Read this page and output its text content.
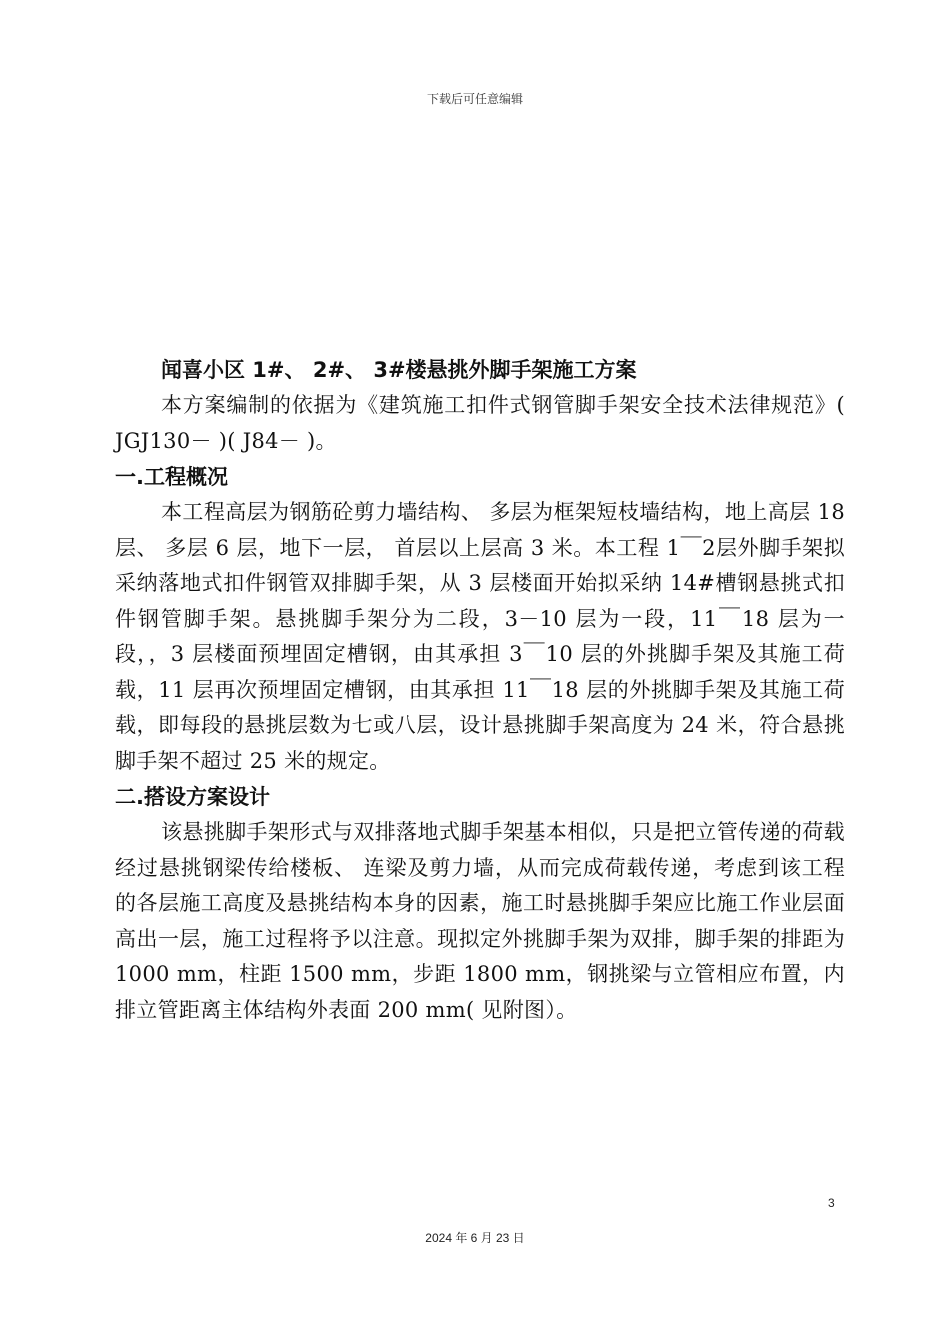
下载后可任意编辑
闻喜小区 1#、 2#、 3#楼悬挑外脚手架施工方案

本方案编制的依据为《建筑施工扣件式钢管脚手架安全技术法律规范》( JGJ130－ )( J84－ )。

一.工程概况

本工程高层为钢筋砼剪力墙结构、 多层为框架短枝墙结构，地上高层 18 层、 多层 6 层，地下一层， 首层以上层高 3 米。本工程 1￣2层外脚手架拟采纳落地式扣件钢管双排脚手架，从 3 层楼面开始拟采纳 14#槽钢悬挑式扣件钢管脚手架。悬挑脚手架分为二段，3－10 层为一段，11￣18 层为一段，，3 层楼面预埋固定槽钢，由其承担 3￣10 层的外挑脚手架及其施工荷载，11 层再次预埋固定槽钢，由其承担 11￣18 层的外挑脚手架及其施工荷载，即每段的悬挑层数为七或八层，设计悬挑脚手架高度为 24 米，符合悬挑脚手架不超过 25 米的规定。

二.搭设方案设计

该悬挑脚手架形式与双排落地式脚手架基本相似，只是把立管传递的荷载经过悬挑钢梁传给楼板、 连梁及剪力墙，从而完成荷载传递，考虑到该工程的各层施工高度及悬挑结构本身的因素，施工时悬挑脚手架应比施工作业层面高出一层，施工过程将予以注意。现拟定外挑脚手架为双排，脚手架的排距为 1000 mm，柱距 1500 mm，步距 1800 mm，钢挑梁与立管相应布置，内排立管距离主体结构外表面 200 mm( 见附图）。

3
2024 年 6 月 23 日
